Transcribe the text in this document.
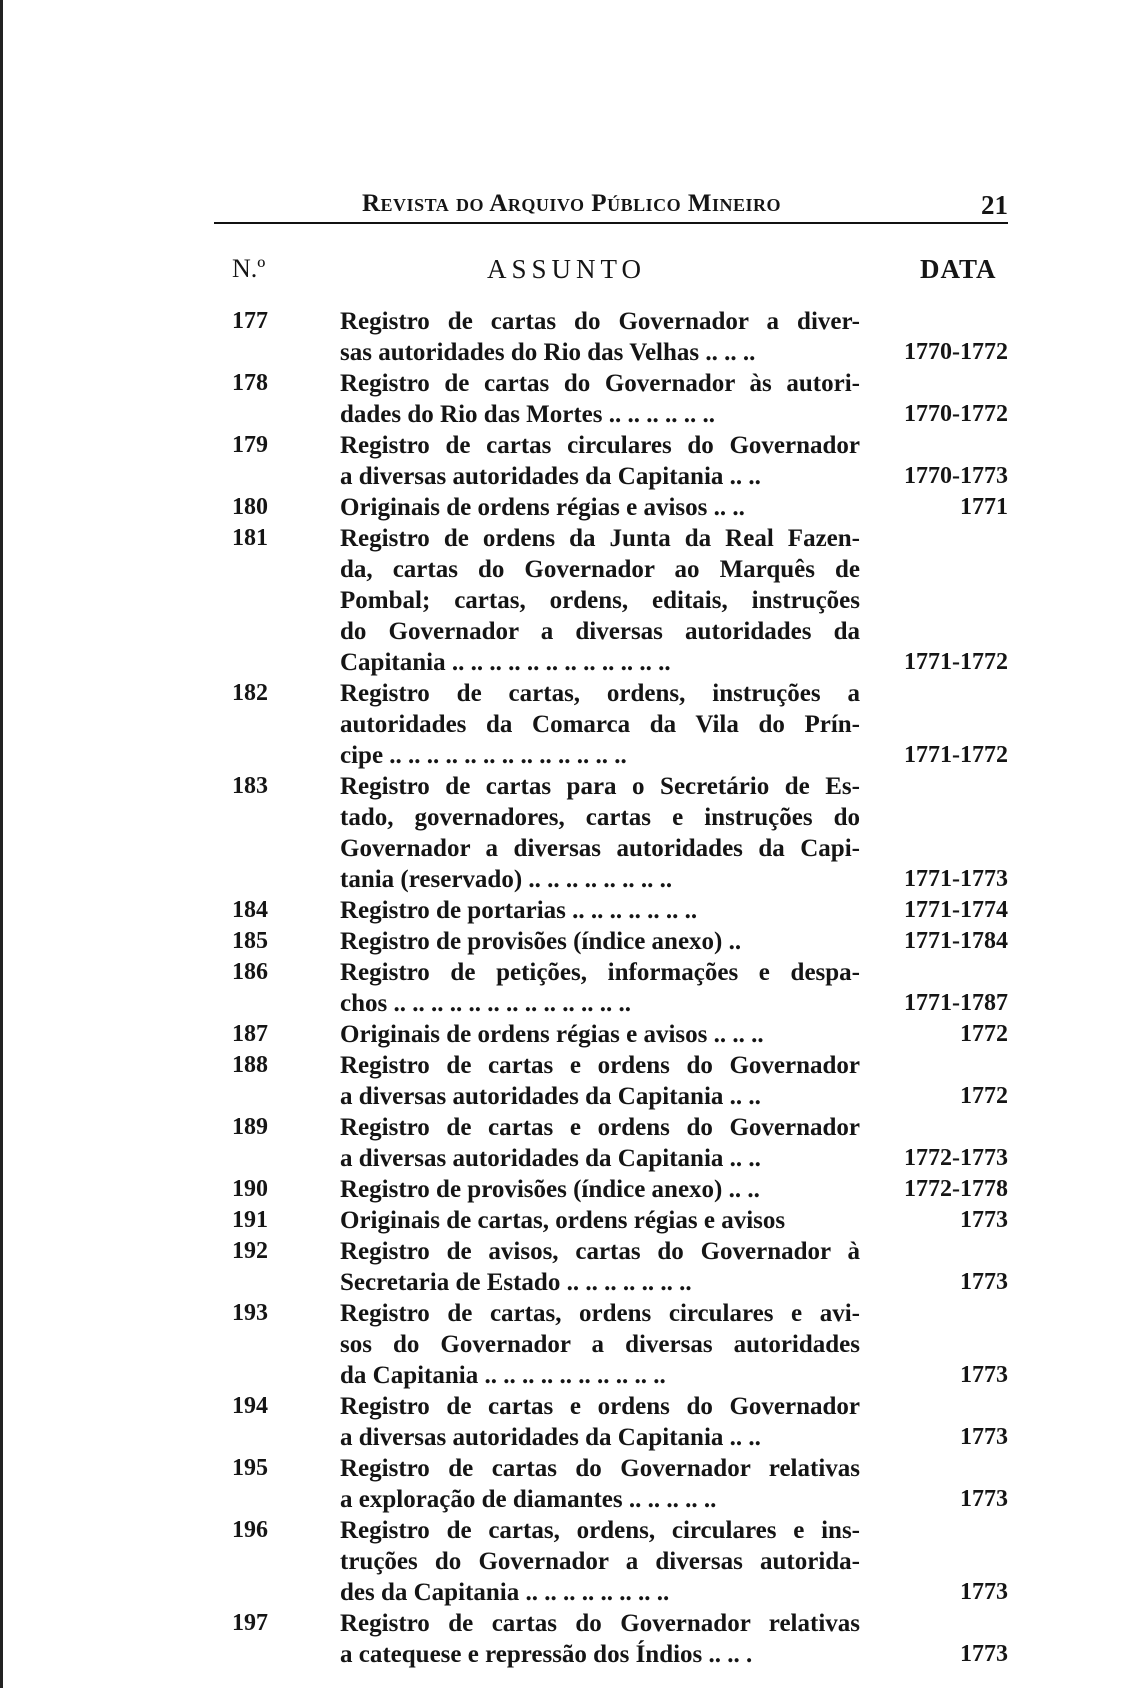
Revista do Arquivo Público Mineiro	21
N.º	ASSUNTO	DATA
177	Registro de cartas do Governador a diver-
sas autoridades do Rio das Velhas .. .. ..	1770-1772
178	Registro de cartas do Governador às autori-
dades do Rio das Mortes .. .. .. .. .. ..	1770-1772
179	Registro de cartas circulares do Governador
a diversas autoridades da Capitania .. ..	1770-1773
180	Originais de ordens régias e avisos .. ..	1771
181	Registro de ordens da Junta da Real Fazen-
da, cartas do Governador ao Marquês de
Pombal; cartas, ordens, editais, instruções
do Governador a diversas autoridades da
Capitania .. .. .. .. .. .. .. .. .. .. .. ..	1771-1772
182	Registro de cartas, ordens, instruções a
autoridades da Comarca da Vila do Prín-
cipe .. .. .. .. .. .. .. .. .. .. .. .. ..	1771-1772
183	Registro de cartas para o Secretário de Es-
tado, governadores, cartas e instruções do
Governador a diversas autoridades da Capi-
tania (reservado) .. .. .. .. .. .. .. ..	1771-1773
184	Registro de portarias .. .. .. .. .. .. ..	1771-1774
185	Registro de provisões (índice anexo) ..	1771-1784
186	Registro de petições, informações e despa-
chos .. .. .. .. .. .. .. .. .. .. .. .. ..	1771-1787
187	Originais de ordens régias e avisos .. .. ..	1772
188	Registro de cartas e ordens do Governador
a diversas autoridades da Capitania .. ..	1772
189	Registro de cartas e ordens do Governador
a diversas autoridades da Capitania .. ..	1772-1773
190	Registro de provisões (índice anexo) .. ..	1772-1778
191	Originais de cartas, ordens régias e avisos	1773
192	Registro de avisos, cartas do Governador à
Secretaria de Estado .. .. .. .. .. .. ..	1773
193	Registro de cartas, ordens circulares e avi-
sos do Governador a diversas autoridades
da Capitania .. .. .. .. .. .. .. .. .. ..	1773
194	Registro de cartas e ordens do Governador
a diversas autoridades da Capitania .. ..	1773
195	Registro de cartas do Governador relativas
a exploração de diamantes .. .. .. .. ..	1773
196	Registro de cartas, ordens, circulares e ins-
truções do Governador a diversas autorida-
des da Capitania .. .. .. .. .. .. .. ..	1773
197	Registro de cartas do Governador relativas
a catequese e repressão dos Índios .. .. .	1773
